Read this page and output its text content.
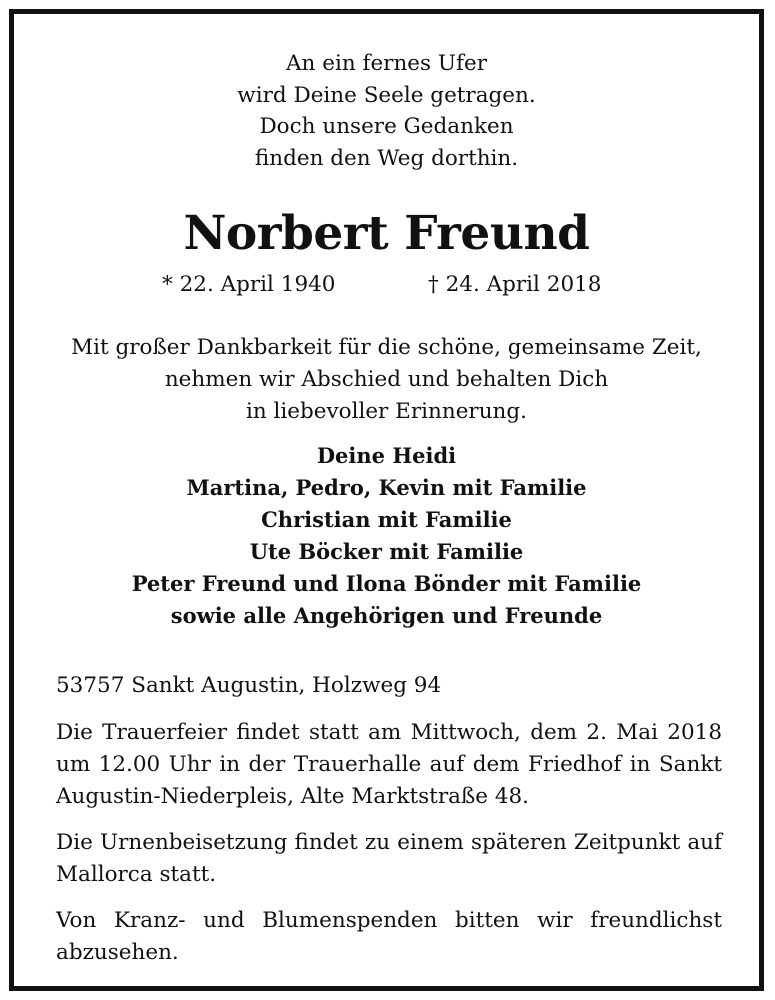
An ein fernes Ufer
wird Deine Seele getragen.
Doch unsere Gedanken
finden den Weg dorthin.
Norbert Freund
* 22. April 1940	† 24. April 2018
Mit großer Dankbarkeit für die schöne, gemeinsame Zeit,
nehmen wir Abschied und behalten Dich
in liebevoller Erinnerung.
Deine Heidi
Martina, Pedro, Kevin mit Familie
Christian mit Familie
Ute Böcker mit Familie
Peter Freund und Ilona Bönder mit Familie
sowie alle Angehörigen und Freunde
53757 Sankt Augustin, Holzweg 94
Die Trauerfeier findet statt am Mittwoch, dem 2. Mai 2018 um 12.00 Uhr in der Trauerhalle auf dem Friedhof in Sankt Augustin-Niederpleis, Alte Marktstraße 48.
Die Urnenbeisetzung findet zu einem späteren Zeitpunkt auf Mallorca statt.
Von Kranz- und Blumenspenden bitten wir freundlichst abzusehen.
